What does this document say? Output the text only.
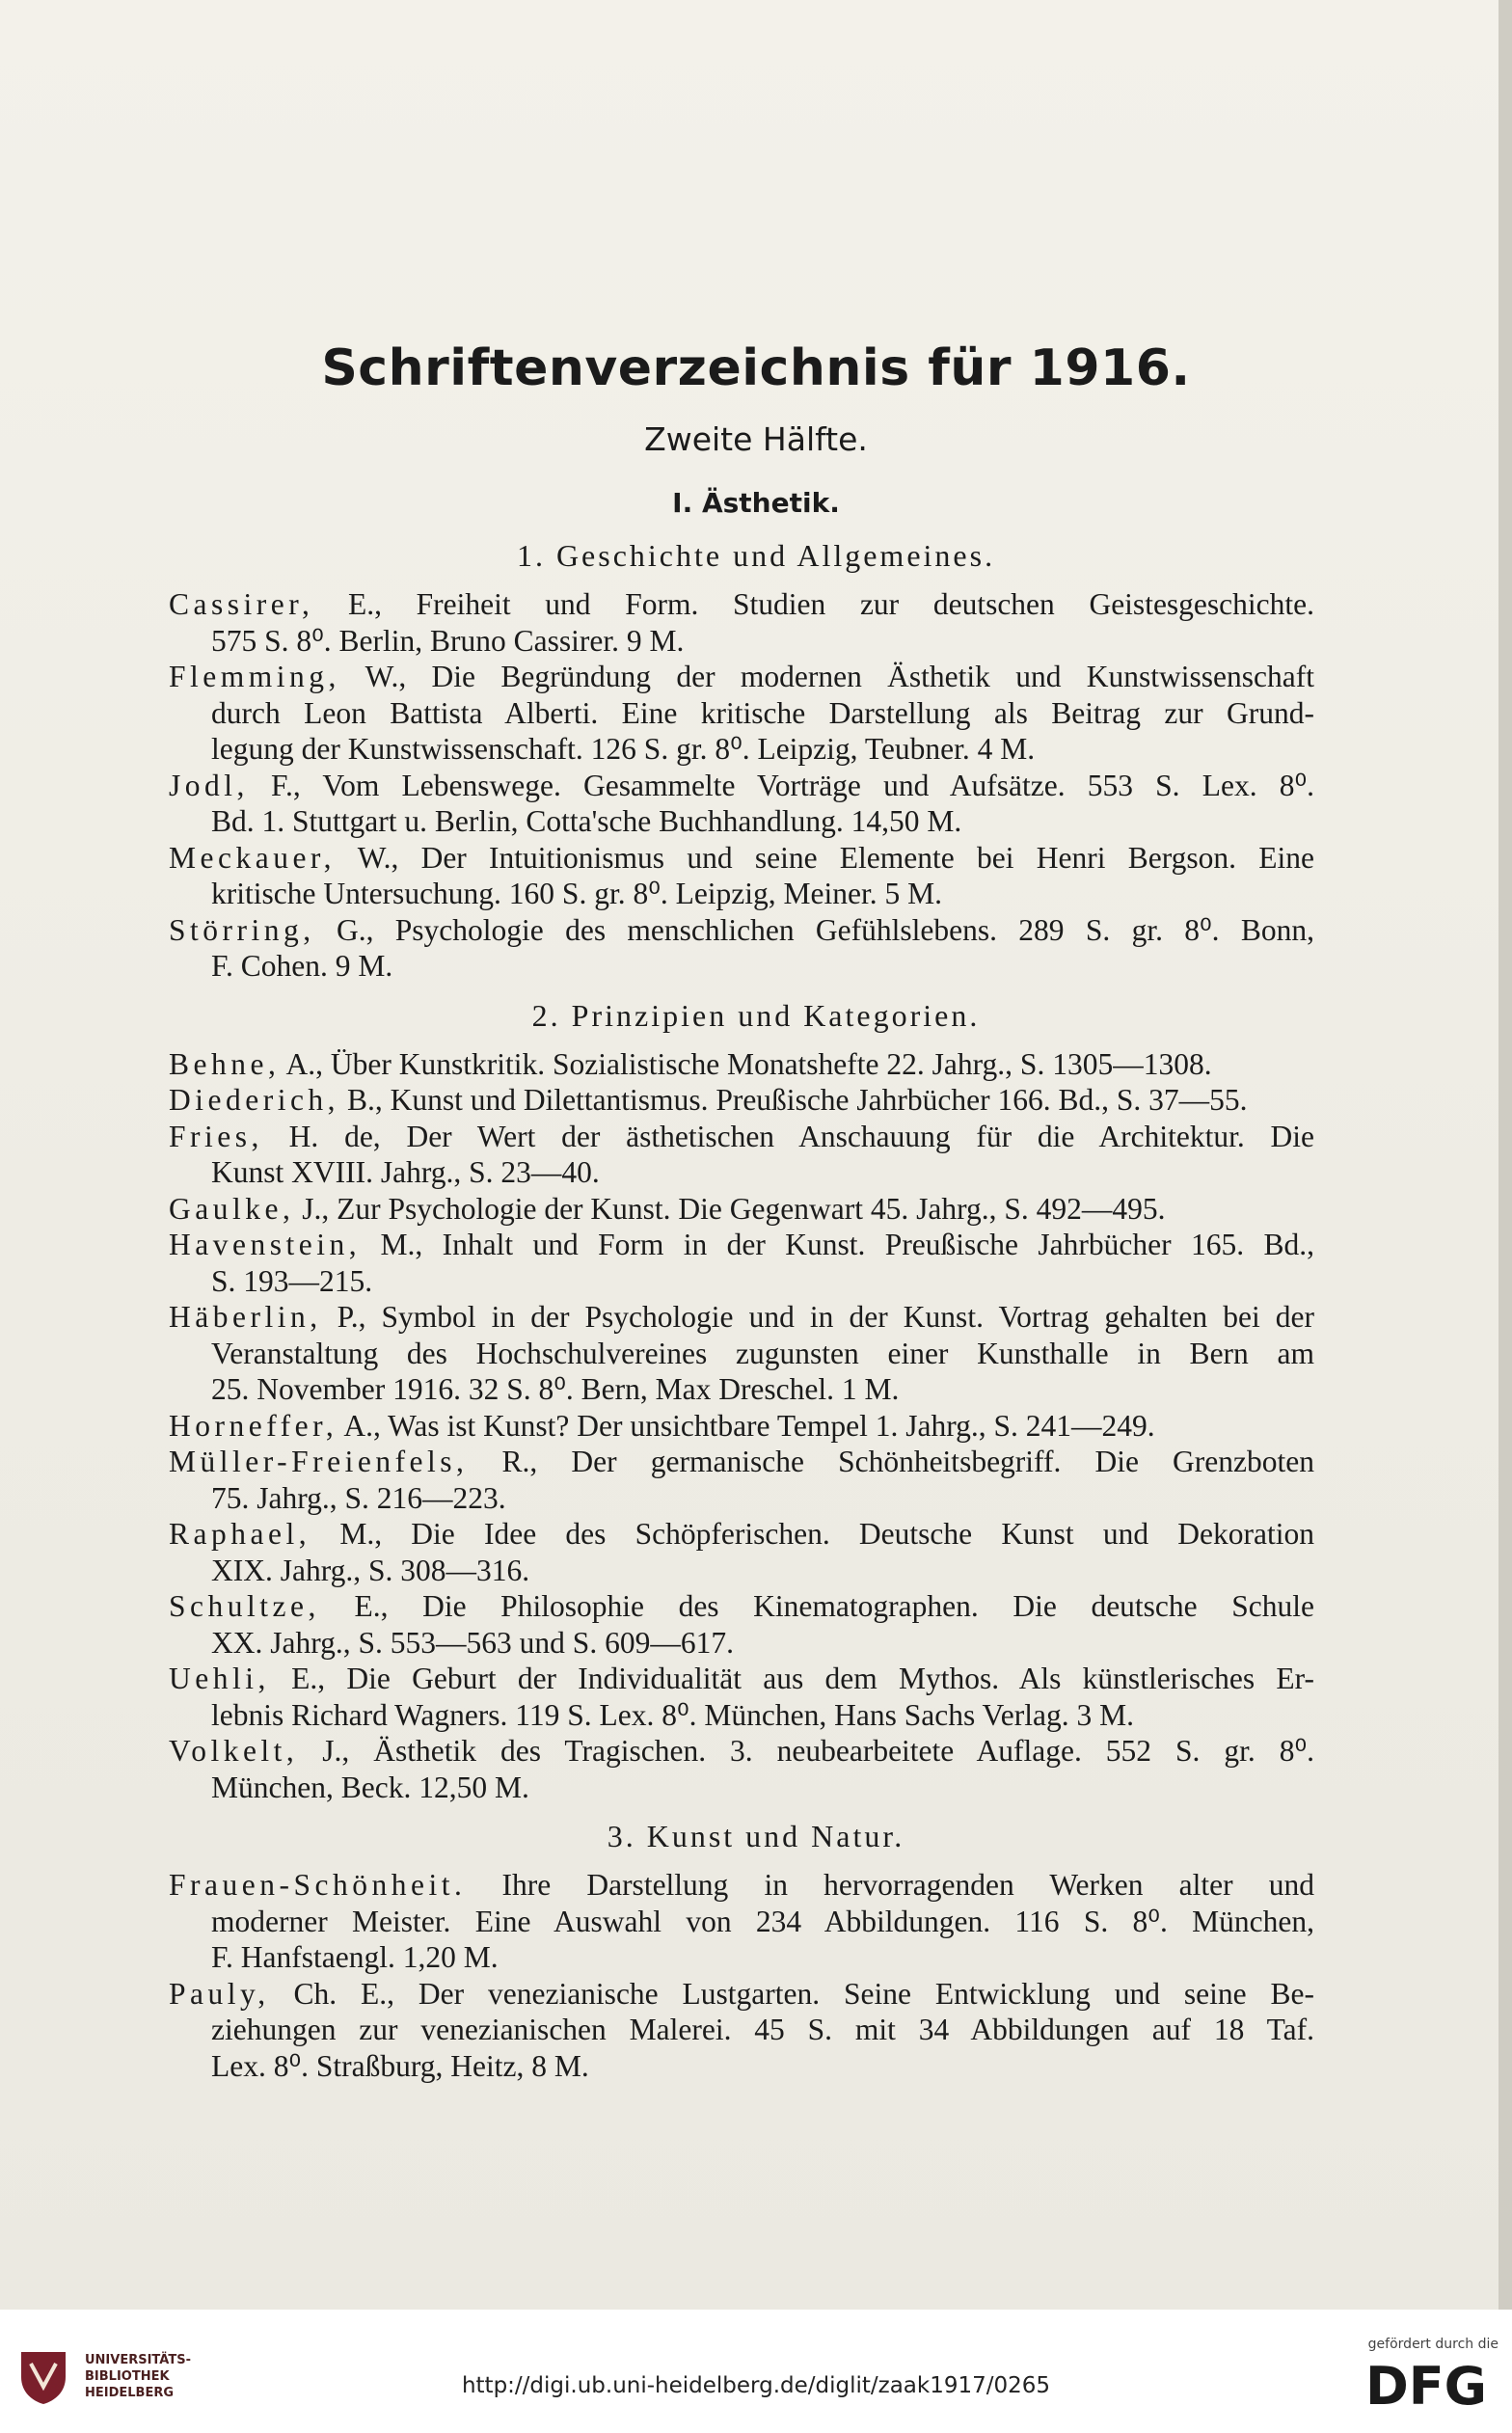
Schriftenverzeichnis für 1916.
Zweite Hälfte.
I. Ästhetik.
1. Geschichte und Allgemeines.
Cassirer, E., Freiheit und Form. Studien zur deutschen Geistesgeschichte.
575 S. 8⁰. Berlin, Bruno Cassirer. 9 M.
Flemming, W., Die Begründung der modernen Ästhetik und Kunstwissenschaft
durch Leon Battista Alberti. Eine kritische Darstellung als Beitrag zur Grund-
legung der Kunstwissenschaft. 126 S. gr. 8⁰. Leipzig, Teubner. 4 M.
Jodl, F., Vom Lebenswege. Gesammelte Vorträge und Aufsätze. 553 S. Lex. 8⁰.
Bd. 1. Stuttgart u. Berlin, Cotta'sche Buchhandlung. 14,50 M.
Meckauer, W., Der Intuitionismus und seine Elemente bei Henri Bergson. Eine
kritische Untersuchung. 160 S. gr. 8⁰. Leipzig, Meiner. 5 M.
Störring, G., Psychologie des menschlichen Gefühlslebens. 289 S. gr. 8⁰. Bonn,
F. Cohen. 9 M.
2. Prinzipien und Kategorien.
Behne, A., Über Kunstkritik. Sozialistische Monatshefte 22. Jahrg., S. 1305—1308.
Diederich, B., Kunst und Dilettantismus. Preußische Jahrbücher 166. Bd., S. 37—55.
Fries, H. de, Der Wert der ästhetischen Anschauung für die Architektur. Die
Kunst XVIII. Jahrg., S. 23—40.
Gaulke, J., Zur Psychologie der Kunst. Die Gegenwart 45. Jahrg., S. 492—495.
Havenstein, M., Inhalt und Form in der Kunst. Preußische Jahrbücher 165. Bd.,
S. 193—215.
Häberlin, P., Symbol in der Psychologie und in der Kunst. Vortrag gehalten bei der
Veranstaltung des Hochschulvereines zugunsten einer Kunsthalle in Bern am
25. November 1916. 32 S. 8⁰. Bern, Max Dreschel. 1 M.
Horneffer, A., Was ist Kunst? Der unsichtbare Tempel 1. Jahrg., S. 241—249.
Müller-Freienfels, R., Der germanische Schönheitsbegriff. Die Grenzboten
75. Jahrg., S. 216—223.
Raphael, M., Die Idee des Schöpferischen. Deutsche Kunst und Dekoration
XIX. Jahrg., S. 308—316.
Schultze, E., Die Philosophie des Kinematographen. Die deutsche Schule
XX. Jahrg., S. 553—563 und S. 609—617.
Uehli, E., Die Geburt der Individualität aus dem Mythos. Als künstlerisches Er-
lebnis Richard Wagners. 119 S. Lex. 8⁰. München, Hans Sachs Verlag. 3 M.
Volkelt, J., Ästhetik des Tragischen. 3. neubearbeitete Auflage. 552 S. gr. 8⁰.
München, Beck. 12,50 M.
3. Kunst und Natur.
Frauen-Schönheit. Ihre Darstellung in hervorragenden Werken alter und
moderner Meister. Eine Auswahl von 234 Abbildungen. 116 S. 8⁰. München,
F. Hanfstaengl. 1,20 M.
Pauly, Ch. E., Der venezianische Lustgarten. Seine Entwicklung und seine Be-
ziehungen zur venezianischen Malerei. 45 S. mit 34 Abbildungen auf 18 Taf.
Lex. 8⁰. Straßburg, Heitz, 8 M.
UNIVERSITÄTS-
BIBLIOTHEK
HEIDELBERG	http://digi.ub.uni-heidelberg.de/diglit/zaak1917/0265
gefördert durch die
DFG
